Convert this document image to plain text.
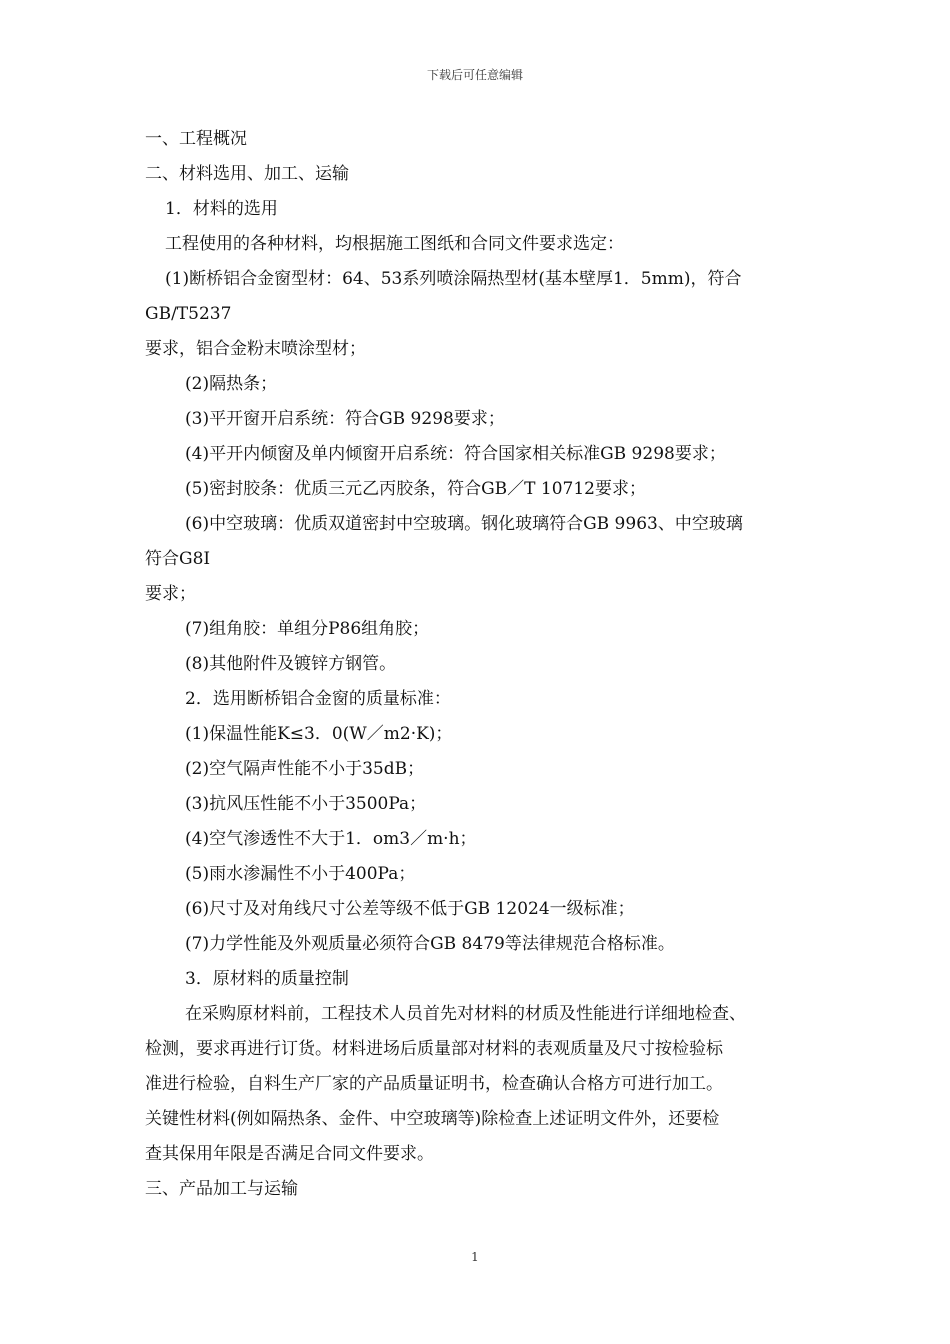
下载后可任意编辑
一、工程概况
二、材料选用、加工、运输
1．材料的选用
工程使用的各种材料，均根据施工图纸和合同文件要求选定：
(1)断桥铝合金窗型材：64、53系列喷涂隔热型材(基本壁厚1．5mm)，符合
GB/T5237
要求，铝合金粉末喷涂型材；
(2)隔热条；
(3)平开窗开启系统：符合GB 9298要求；
(4)平开内倾窗及单内倾窗开启系统：符合国家相关标准GB 9298要求；
(5)密封胶条：优质三元乙丙胶条，符合GB／T 10712要求；
(6)中空玻璃：优质双道密封中空玻璃。钢化玻璃符合GB 9963、中空玻璃
符合G8I
要求；
(7)组角胶：单组分P86组角胶；
(8)其他附件及镀锌方钢管。
2．选用断桥铝合金窗的质量标准：
(1)保温性能K≤3．0(W／m2·K)；
(2)空气隔声性能不小于35dB；
(3)抗风压性能不小于3500Pa；
(4)空气渗透性不大于1．om3／m·h；
(5)雨水渗漏性不小于400Pa；
(6)尺寸及对角线尺寸公差等级不低于GB 12024一级标准；
(7)力学性能及外观质量必须符合GB 8479等法律规范合格标准。
3．原材料的质量控制
在采购原材料前，工程技术人员首先对材料的材质及性能进行详细地检查、
检测，要求再进行订货。材料进场后质量部对材料的表观质量及尺寸按检验标
准进行检验，自料生产厂家的产品质量证明书，检查确认合格方可进行加工。
关键性材料(例如隔热条、金件、中空玻璃等)除检查上述证明文件外，还要检
查其保用年限是否满足合同文件要求。
三、产品加工与运输
1
